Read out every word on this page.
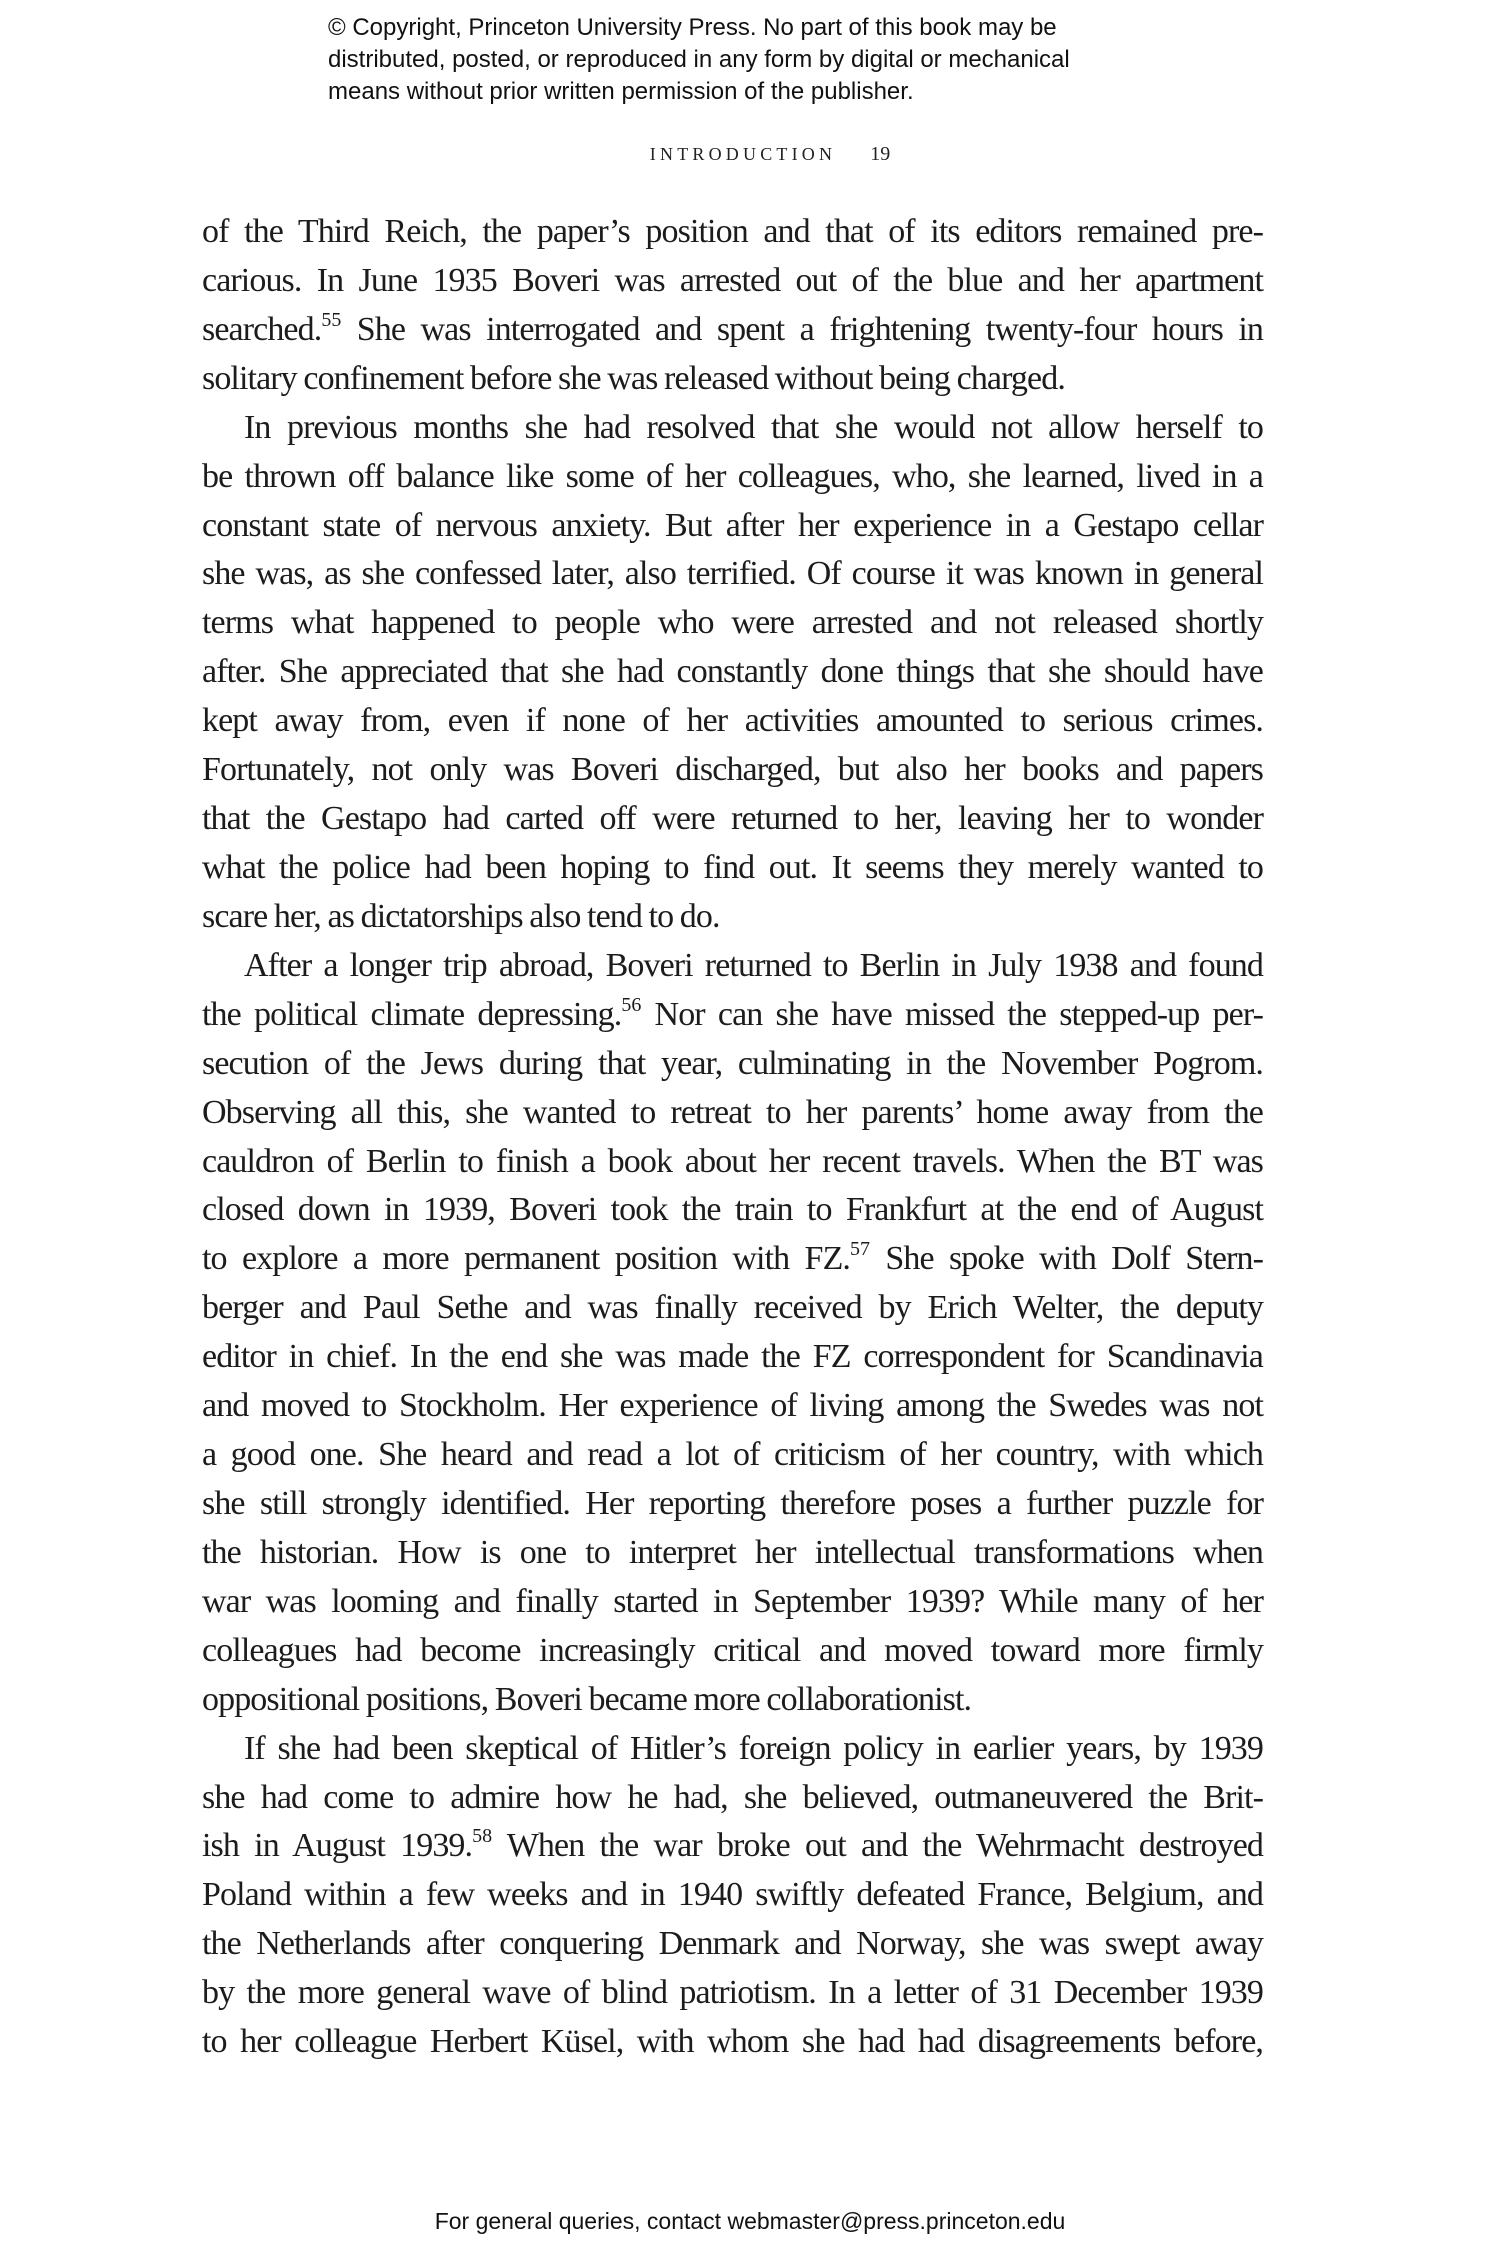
© Copyright, Princeton University Press. No part of this book may be
distributed, posted, or reproduced in any form by digital or mechanical
means without prior written permission of the publisher.
INTRODUCTION 19
of the Third Reich, the paper’s position and that of its editors remained pre-
carious. In June 1935 Boveri was arrested out of the blue and her apartment
searched.$^{55}$ She was interrogated and spent a frightening twenty-four hours in
solitary confinement before she was released without being charged.
In previous months she had resolved that she would not allow herself to
be thrown off balance like some of her colleagues, who, she learned, lived in a
constant state of nervous anxiety. But after her experience in a Gestapo cellar
she was, as she confessed later, also terrified. Of course it was known in general
terms what happened to people who were arrested and not released shortly
after. She appreciated that she had constantly done things that she should have
kept away from, even if none of her activities amounted to serious crimes.
Fortunately, not only was Boveri discharged, but also her books and papers
that the Gestapo had carted off were returned to her, leaving her to wonder
what the police had been hoping to find out. It seems they merely wanted to
scare her, as dictatorships also tend to do.
After a longer trip abroad, Boveri returned to Berlin in July 1938 and found
the political climate depressing.$^{56}$ Nor can she have missed the stepped-up per-
secution of the Jews during that year, culminating in the November Pogrom.
Observing all this, she wanted to retreat to her parents’ home away from the
cauldron of Berlin to finish a book about her recent travels. When the BT was
closed down in 1939, Boveri took the train to Frankfurt at the end of August
to explore a more permanent position with FZ.$^{57}$ She spoke with Dolf Stern-
berger and Paul Sethe and was finally received by Erich Welter, the deputy
editor in chief. In the end she was made the FZ correspondent for Scandinavia
and moved to Stockholm. Her experience of living among the Swedes was not
a good one. She heard and read a lot of criticism of her country, with which
she still strongly identified. Her reporting therefore poses a further puzzle for
the historian. How is one to interpret her intellectual transformations when
war was looming and finally started in September 1939? While many of her
colleagues had become increasingly critical and moved toward more firmly
oppositional positions, Boveri became more collaborationist.
If she had been skeptical of Hitler’s foreign policy in earlier years, by 1939
she had come to admire how he had, she believed, outmaneuvered the Brit-
ish in August 1939.58 When the war broke out and the Wehrmacht destroyed
Poland within a few weeks and in 1940 swiftly defeated France, Belgium, and
the Netherlands after conquering Denmark and Norway, she was swept away
by the more general wave of blind patriotism. In a letter of 31 December 1939
to her colleague Herbert Küsel, with whom she had had disagreements before,
For general queries, contact webmaster@press.princeton.edu
